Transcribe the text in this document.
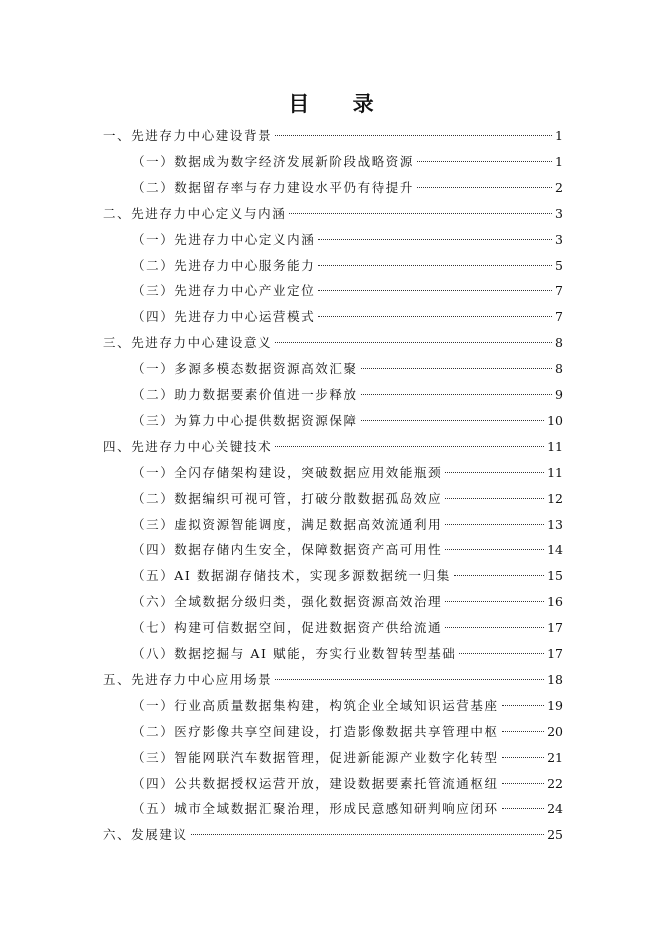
目 录
一、先进存力中心建设背景	1
（一）数据成为数字经济发展新阶段战略资源	1
（二）数据留存率与存力建设水平仍有待提升	2
二、先进存力中心定义与内涵	3
（一）先进存力中心定义内涵	3
（二）先进存力中心服务能力	5
（三）先进存力中心产业定位	7
（四）先进存力中心运营模式	7
三、先进存力中心建设意义	8
（一）多源多模态数据资源高效汇聚	8
（二）助力数据要素价值进一步释放	9
（三）为算力中心提供数据资源保障	10
四、先进存力中心关键技术	11
（一）全闪存储架构建设，突破数据应用效能瓶颈	11
（二）数据编织可视可管，打破分散数据孤岛效应	12
（三）虚拟资源智能调度，满足数据高效流通利用	13
（四）数据存储内生安全，保障数据资产高可用性	14
（五）AI 数据湖存储技术，实现多源数据统一归集	15
（六）全域数据分级归类，强化数据资源高效治理	16
（七）构建可信数据空间，促进数据资产供给流通	17
（八）数据挖掘与 AI 赋能，夯实行业数智转型基础	17
五、先进存力中心应用场景	18
（一）行业高质量数据集构建，构筑企业全域知识运营基座	19
（二）医疗影像共享空间建设，打造影像数据共享管理中枢	20
（三）智能网联汽车数据管理，促进新能源产业数字化转型	21
（四）公共数据授权运营开放，建设数据要素托管流通枢纽	22
（五）城市全域数据汇聚治理，形成民意感知研判响应闭环	24
六、发展建议	25
